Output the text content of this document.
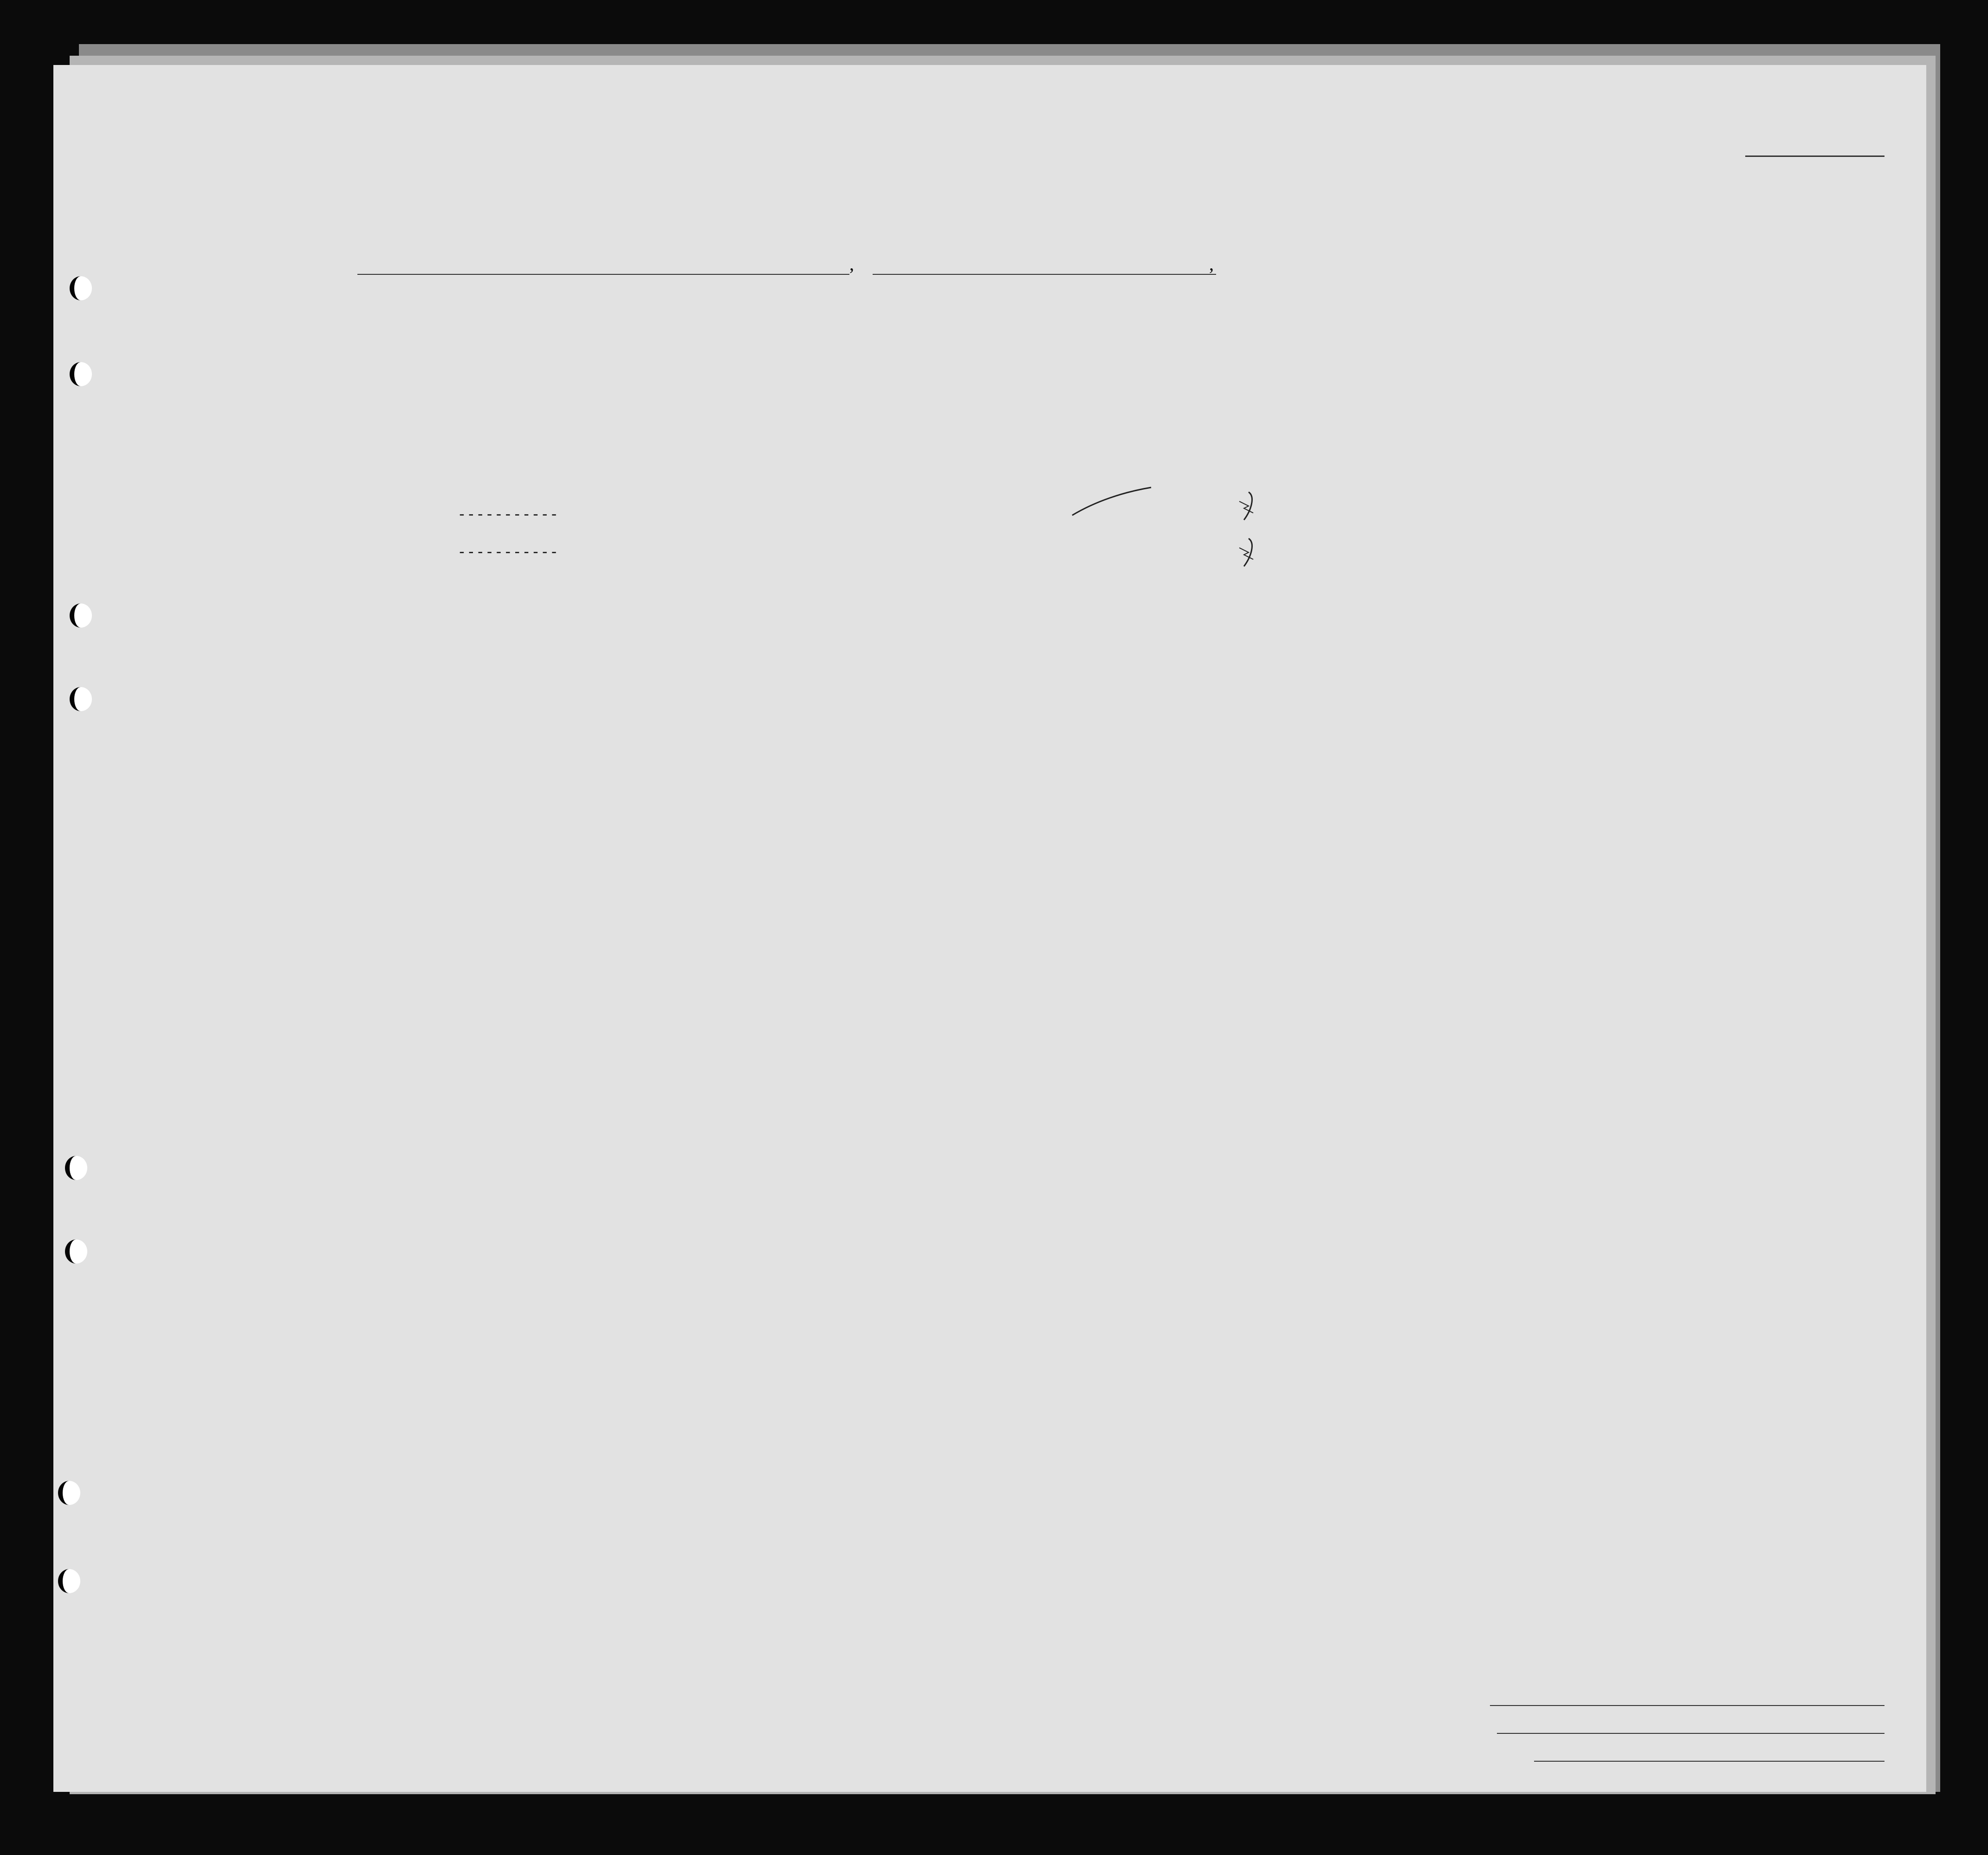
,	,
-----------
-----------
